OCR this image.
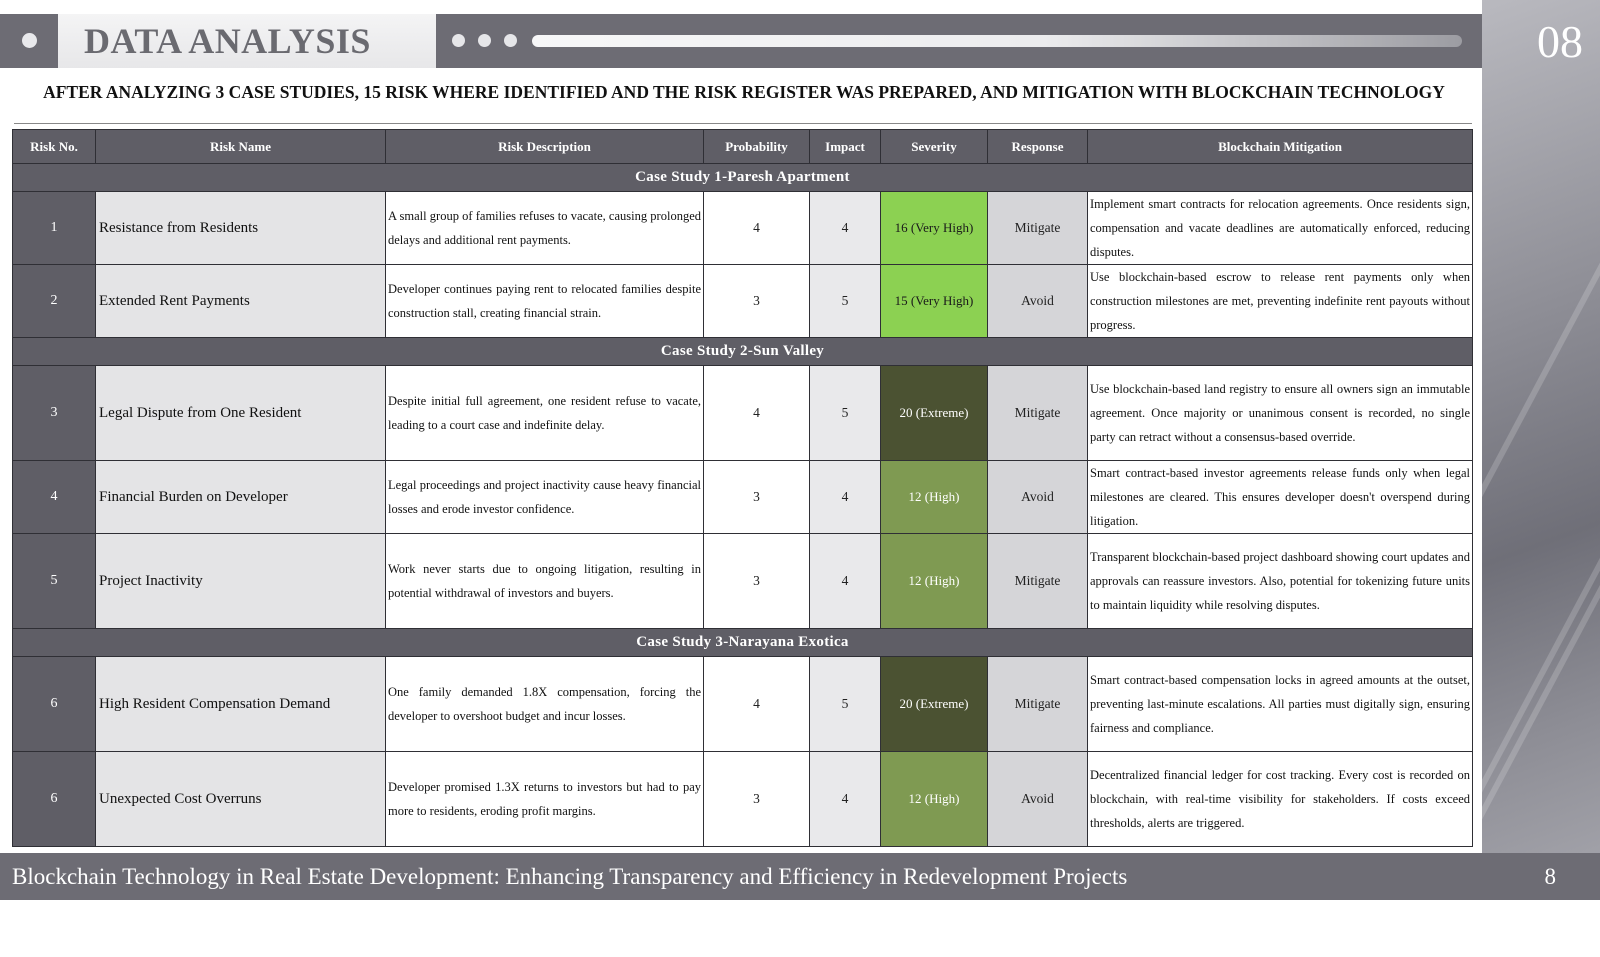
08
DATA ANALYSIS
AFTER ANALYZING 3 CASE STUDIES, 15 RISK WHERE IDENTIFIED AND THE RISK REGISTER WAS PREPARED, AND MITIGATION WITH BLOCKCHAIN TECHNOLOGY
Risk No.	Risk Name	Risk Description	Probability	Impact	Severity	Response	Blockchain Mitigation
Case Study 1-Paresh Apartment							
1	Resistance from Residents	A small group of families refuses to vacate, causing prolonged delays and additional rent payments.	4	4	16 (Very High)	Mitigate	Implement smart contracts for relocation agreements. Once residents sign, compensation and vacate deadlines are automatically enforced, reducing disputes.
2	Extended Rent Payments	Developer continues paying rent to relocated families despite construction stall, creating financial strain.	3	5	15 (Very High)	Avoid	Use blockchain-based escrow to release rent payments only when construction milestones are met, preventing indefinite rent payouts without progress.
Case Study 2-Sun Valley							
3	Legal Dispute from One Resident	Despite initial full agreement, one resident refuse to vacate, leading to a court case and indefinite delay.	4	5	20 (Extreme)	Mitigate	Use blockchain-based land registry to ensure all owners sign an immutable agreement. Once majority or unanimous consent is recorded, no single party can retract without a consensus-based override.
4	Financial Burden on Developer	Legal proceedings and project inactivity cause heavy financial losses and erode investor confidence.	3	4	12 (High)	Avoid	Smart contract-based investor agreements release funds only when legal milestones are cleared. This ensures developer doesn't overspend during litigation.
5	Project Inactivity	Work never starts due to ongoing litigation, resulting in potential withdrawal of investors and buyers.	3	4	12 (High)	Mitigate	Transparent blockchain-based project dashboard showing court updates and approvals can reassure investors. Also, potential for tokenizing future units to maintain liquidity while resolving disputes.
Case Study 3-Narayana Exotica							
6	High Resident Compensation Demand	One family demanded 1.8X compensation, forcing the developer to overshoot budget and incur losses.	4	5	20 (Extreme)	Mitigate	Smart contract-based compensation locks in agreed amounts at the outset, preventing last-minute escalations. All parties must digitally sign, ensuring fairness and compliance.
6	Unexpected Cost Overruns	Developer promised 1.3X returns to investors but had to pay more to residents, eroding profit margins.	3	4	12 (High)	Avoid	Decentralized financial ledger for cost tracking. Every cost is recorded on blockchain, with real-time visibility for stakeholders. If costs exceed thresholds, alerts are triggered.
Blockchain Technology in Real Estate Development: Enhancing Transparency and Efficiency in Redevelopment Projects	8
